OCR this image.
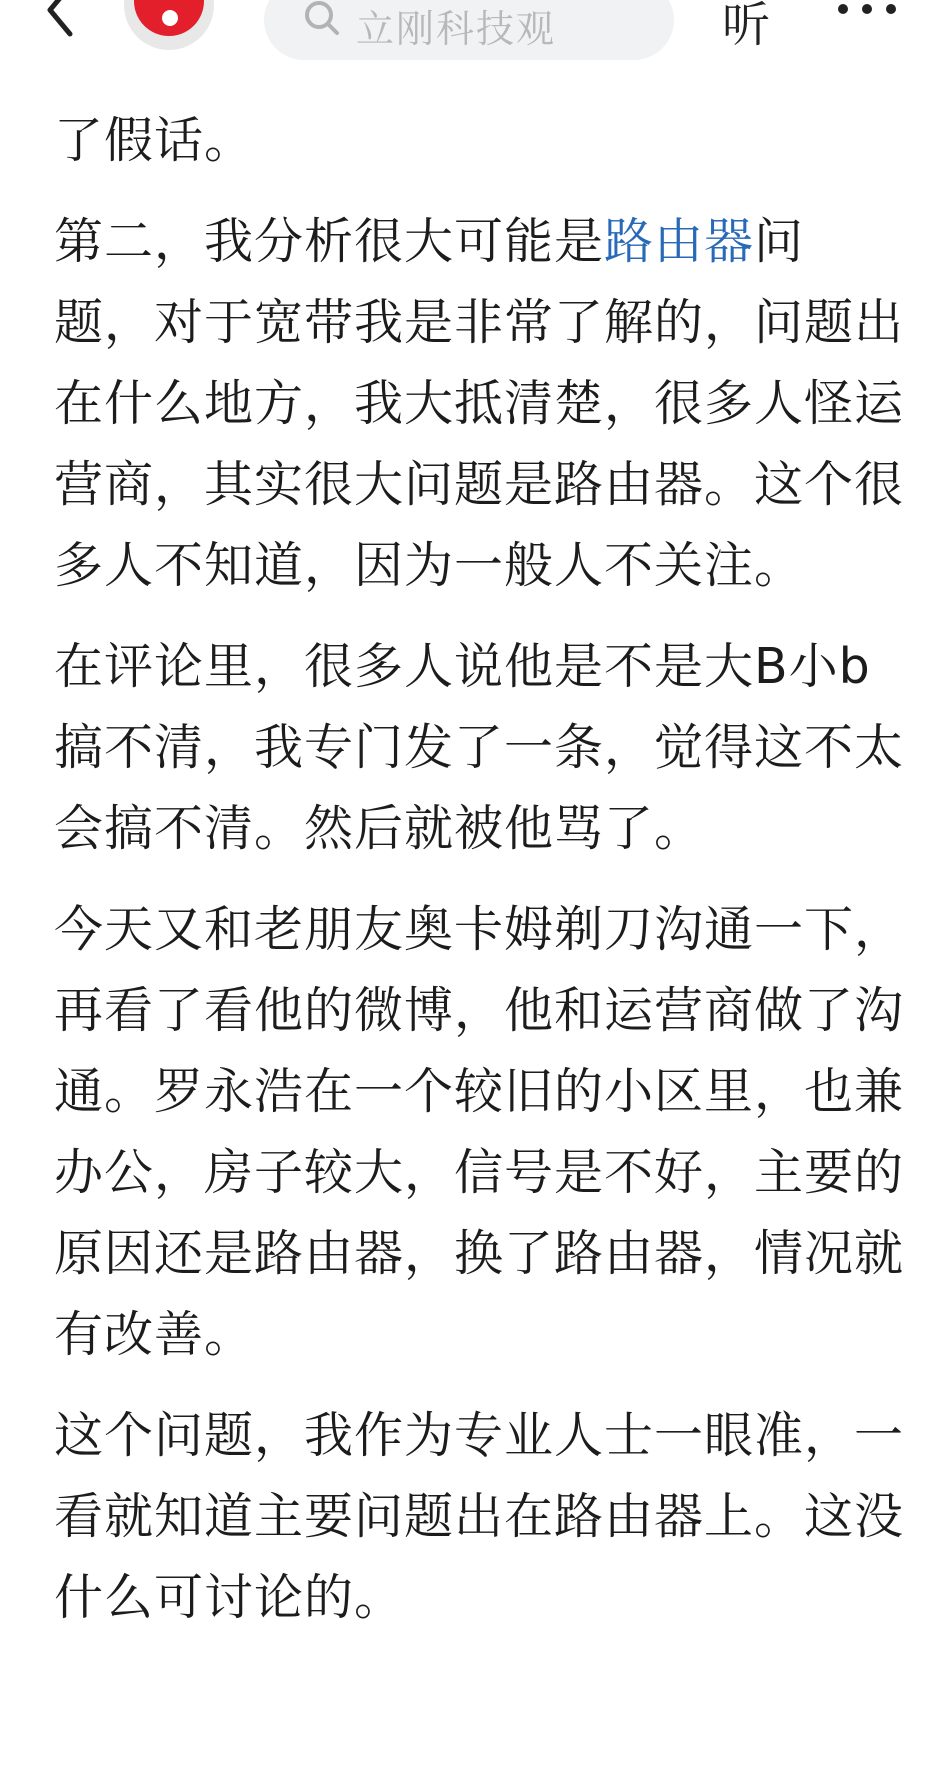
立刚科技观	听

了假话。

第二，我分析很大可能是路由器问题，对于宽带我是非常了解的，问题出在什么地方，我大抵清楚，很多人怪运营商，其实很大问题是路由器。这个很多人不知道，因为一般人不关注。

在评论里，很多人说他是不是大B小b搞不清，我专门发了一条，觉得这不太会搞不清。然后就被他骂了。

今天又和老朋友奥卡姆剃刀沟通一下，再看了看他的微博，他和运营商做了沟通。罗永浩在一个较旧的小区里，也兼办公，房子较大，信号是不好，主要的原因还是路由器，换了路由器，情况就有改善。

这个问题，我作为专业人士一眼准，一看就知道主要问题出在路由器上。这没什么可讨论的。
